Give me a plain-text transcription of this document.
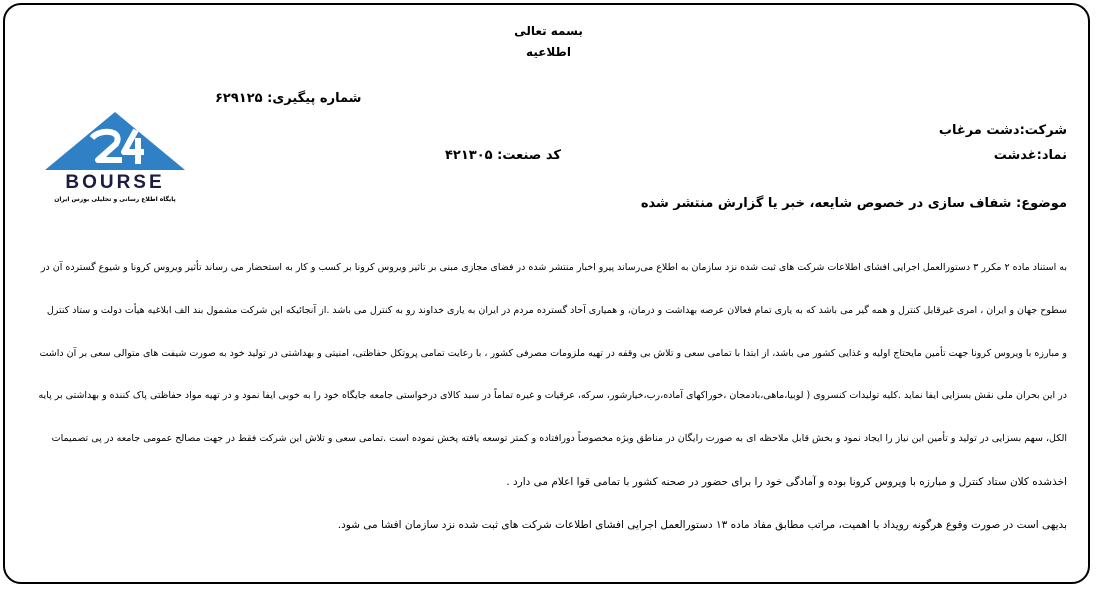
بسمه تعالی
اطلاعیه
شماره پیگیری: ۶۲۹۱۲۵
کد صنعت: ۴۲۱۳۰۵
شرکت:دشت مرغاب
نماد:غدشت
موضوع: شفاف سازی در خصوص شایعه، خبر یا گزارش منتشر شده
BOURSE
پایگاه اطلاع رسانی و تحلیلی بورس ایران
به استناد ماده ۲ مکرر ۳ دستورالعمل اجرایی افشای اطلاعات شرکت های ثبت شده نزد سازمان به اطلاع می‌رساند پیرو اخبار منتشر شده در فضای مجازی مبنی بر تاثیر ویروس کرونا بر کسب و کار به استحضار می رساند تأثیر ویروس کرونا و شیوع گسترده آن در
سطوح جهان و ایران ، امری غیرقابل کنترل و همه گیر می باشد که به یاری تمام فعالان عرصه بهداشت و درمان، و همیاری آحاد گسترده مردم در ایران به یاری خداوند رو به کنترل می باشد .از آنجائیکه این شرکت مشمول بند الف ابلاغیه هیأت دولت و ستاد کنترل
و مبارزه با ویروس کرونا جهت تأمین مایحتاج اولیه و غذایی کشور می باشد، از ابتدا با تمامی سعی و تلاش بی وقفه در تهیه ملزومات مصرفی کشور ، با رعایت تمامی پروتکل حفاظتی، امنیتی و بهداشتی در تولید خود به صورت شیفت های متوالی سعی بر آن داشت
در این بحران ملی نقش بسزایی ایفا نماید .کلیه تولیدات کنسروی ( لوبیا،ماهی،بادمجان ،خوراکهای آماده،رب،خیارشور، سرکه، عرقیات و غیره تماماً در سبد کالای درخواستی جامعه جایگاه خود را به خوبی ایفا نمود و در تهیه مواد حفاظتی پاک کننده و بهداشتی بر پایه
الکل، سهم بسزایی در تولید و تأمین این نیاز را ایجاد نمود و بخش قابل ملاحظه ای به صورت رایگان در مناطق ویژه مخصوصاً دورافتاده و کمتر توسعه یافته پخش نموده است .تمامی سعی و تلاش این شرکت فقط در جهت مصالح عمومی جامعه در پی تصمیمات
اخذشده کلان ستاد کنترل و مبارزه با ویروس کرونا بوده و آمادگی خود را برای حضور در صحنه کشور با تمامی قوا اعلام می دارد .
بدیهی است در صورت وقوع هرگونه رویداد با اهمیت، مراتب مطابق مفاد ماده ۱۳ دستورالعمل اجرایی افشای اطلاعات شرکت های ثبت شده نزد سازمان افشا می شود.
